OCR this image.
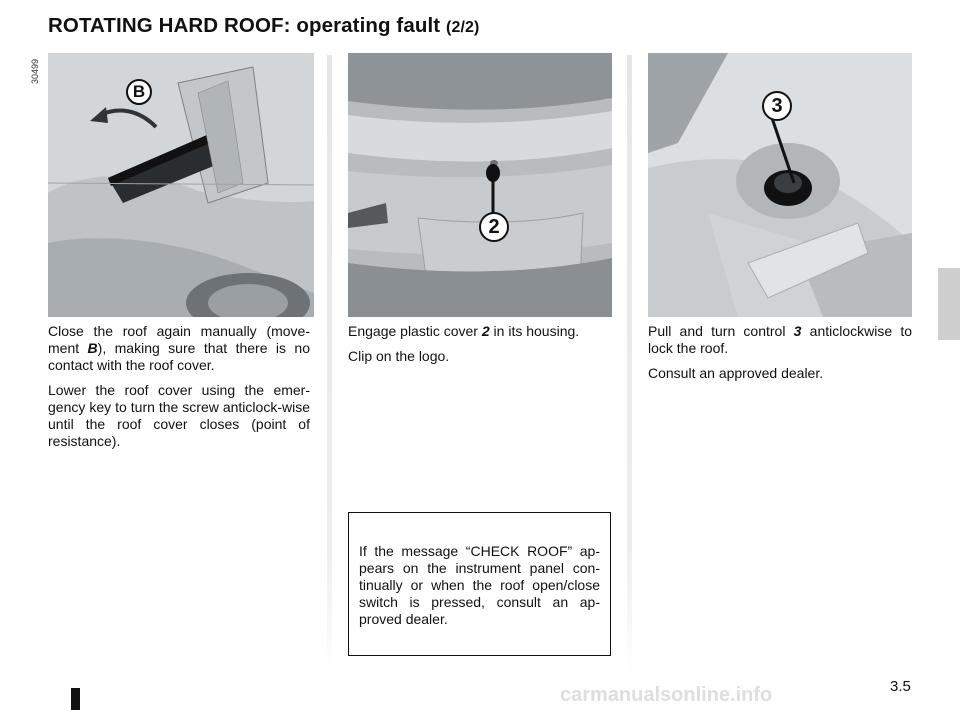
ROTATING HARD ROOF: operating fault (2/2)
30499
B
2
3

Close the roof again manually (move-ment B), making sure that there is no contact with the roof cover.

Lower the roof cover using the emer-gency key to turn the screw anticlock-wise until the roof cover closes (point of resistance).

Engage plastic cover 2 in its housing.

Clip on the logo.

Pull and turn control 3 anticlockwise to lock the roof.

Consult an approved dealer.

If the message “CHECK ROOF” ap-pears on the instrument panel con-tinually or when the roof open/close switch is pressed, consult an ap-proved dealer.
3.5
carmanualsonline.info
